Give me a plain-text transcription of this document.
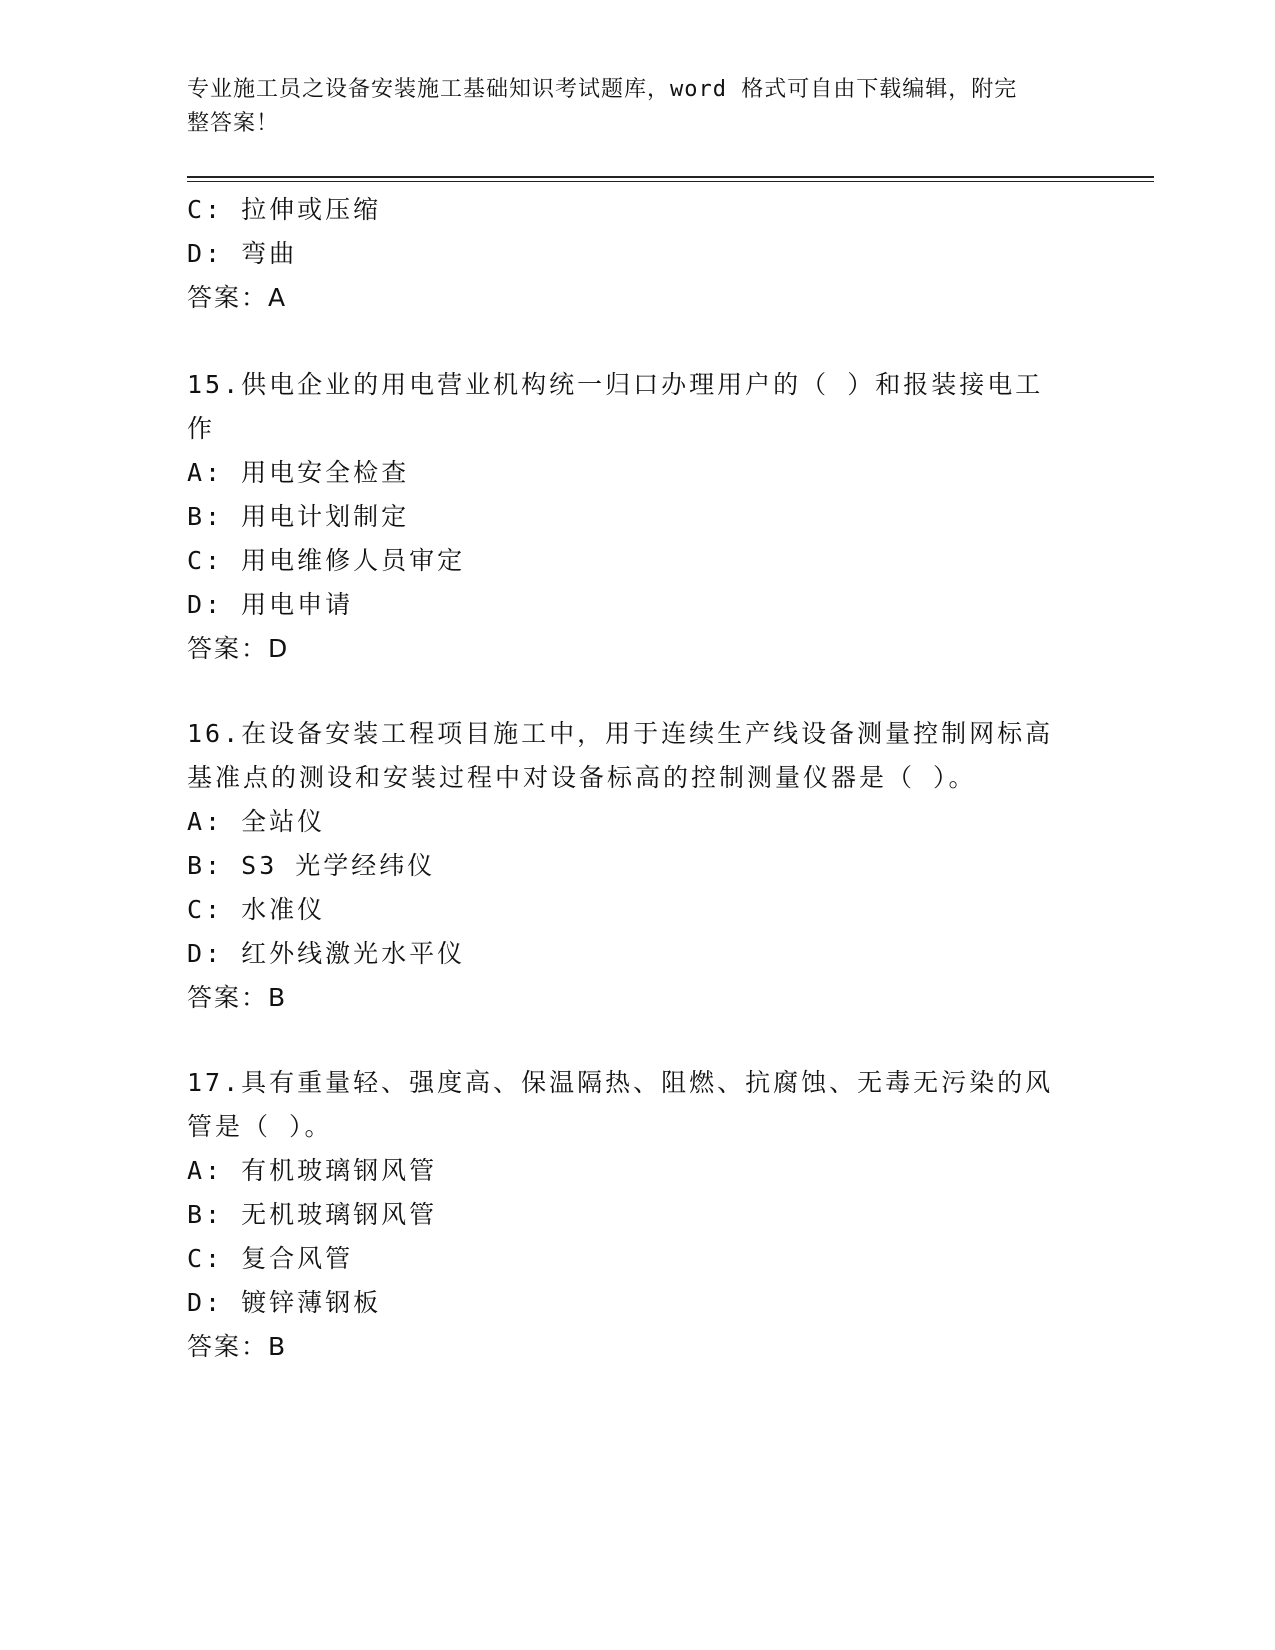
专业施工员之设备安装施工基础知识考试题库，word 格式可自由下载编辑，附完
整答案！
C: 拉伸或压缩
D: 弯曲
答案：A
15.供电企业的用电营业机构统一归口办理用户的（ ）和报装接电工
作
A: 用电安全检查
B: 用电计划制定
C: 用电维修人员审定
D: 用电申请
答案：D
16.在设备安装工程项目施工中，用于连续生产线设备测量控制网标高
基准点的测设和安装过程中对设备标高的控制测量仪器是（ ）。
A: 全站仪
B: S3 光学经纬仪
C: 水准仪
D: 红外线激光水平仪
答案：B
17.具有重量轻、强度高、保温隔热、阻燃、抗腐蚀、无毒无污染的风
管是（ ）。
A: 有机玻璃钢风管
B: 无机玻璃钢风管
C: 复合风管
D: 镀锌薄钢板
答案：B
